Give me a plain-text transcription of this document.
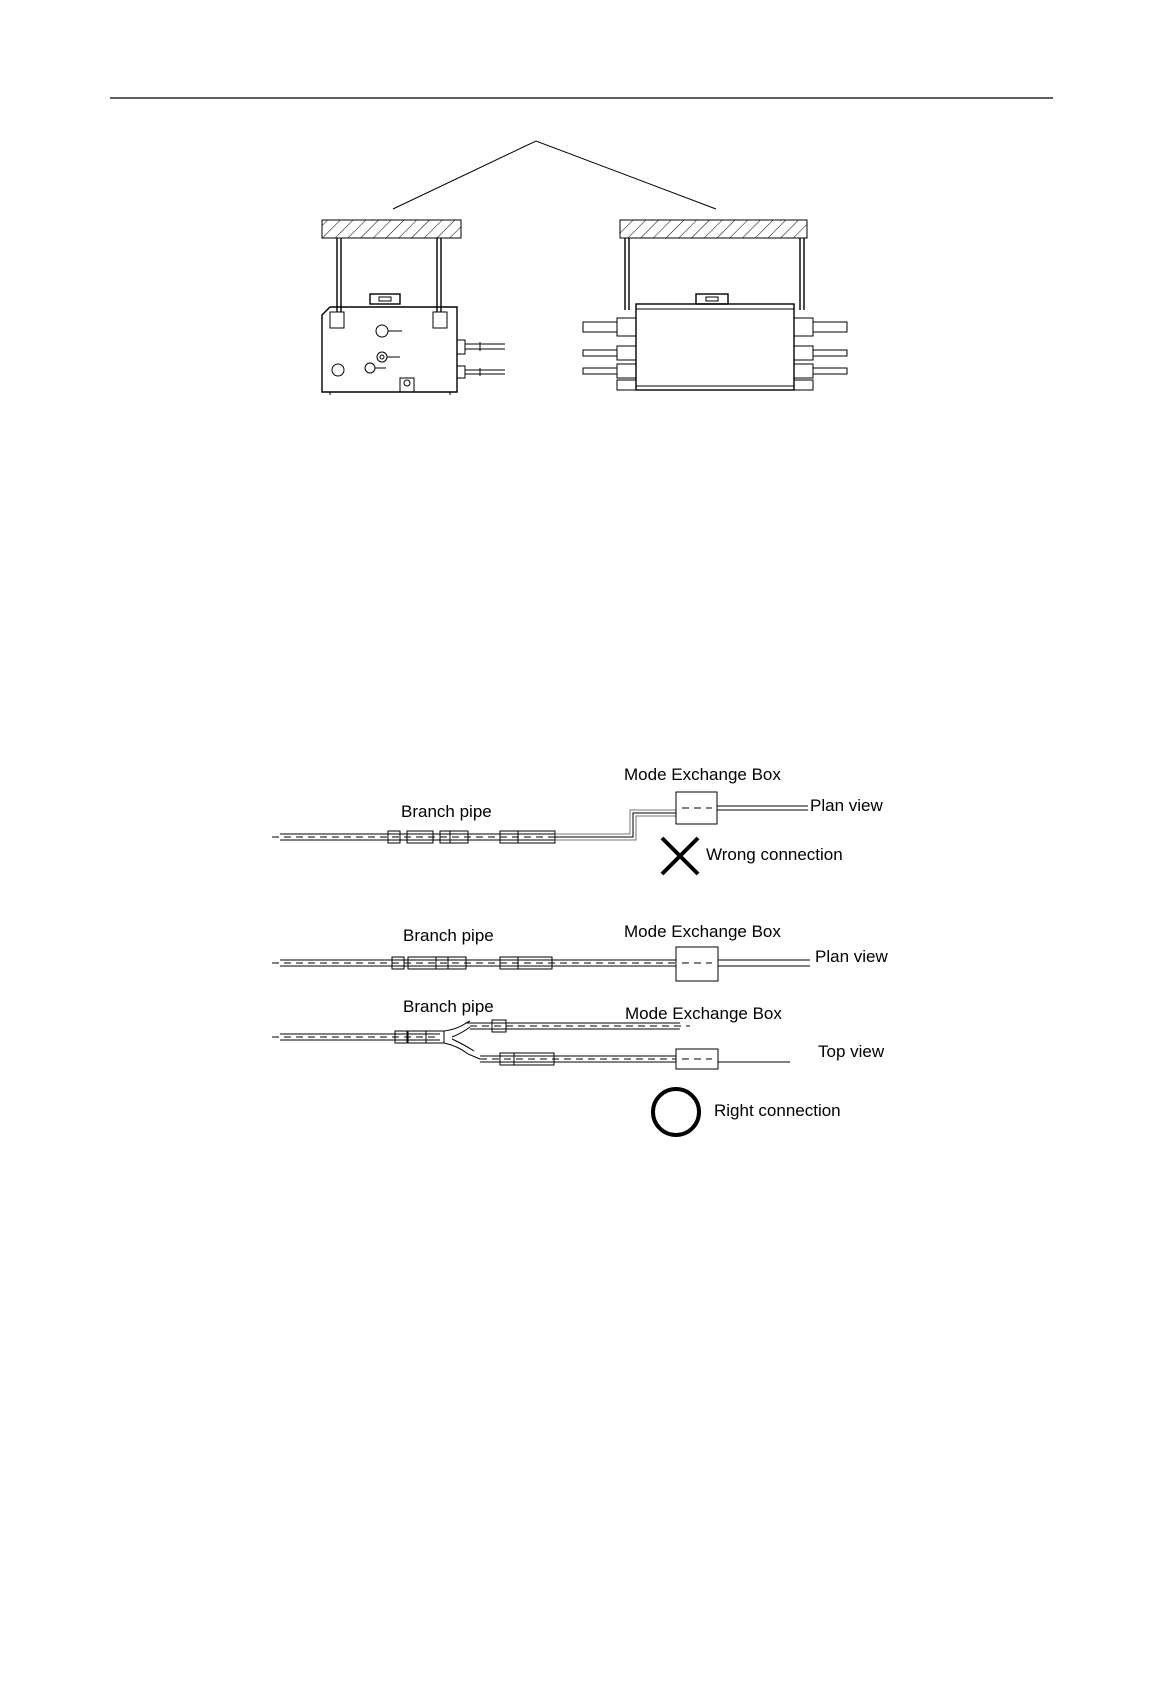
Mode Exchange Box
Branch pipe	Plan view
Wrong connection
Branch pipe	Mode Exchange Box
Plan view
Branch pipe	Mode Exchange Box
Top view
Right connection
